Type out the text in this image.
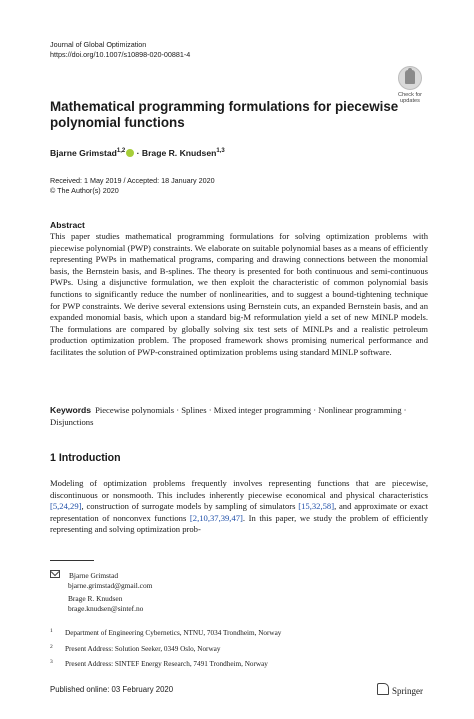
Journal of Global Optimization
https://doi.org/10.1007/s10898-020-00881-4
Check for
updates
Mathematical programming formulations for piecewise polynomial functions
Bjarne Grimstad$^{1,2}$ · Brage R. Knudsen$^{1,3}$
Received: 1 May 2019 / Accepted: 18 January 2020
© The Author(s) 2020
Abstract
This paper studies mathematical programming formulations for solving optimization problems with piecewise polynomial (PWP) constraints. We elaborate on suitable polynomial bases as a means of efficiently representing PWPs in mathematical programs, comparing and drawing connections between the monomial basis, the Bernstein basis, and B-splines. The theory is presented for both continuous and semi-continuous PWPs. Using a disjunctive formulation, we then exploit the characteristic of common polynomial basis functions to significantly reduce the number of nonlinearities, and to suggest a bound-tightening technique for PWP constraints. We derive several extensions using Bernstein cuts, an expanded Bernstein basis, and an expanded monomial basis, which upon a standard big-M reformulation yield a set of new MINLP models. The formulations are compared by globally solving six test sets of MINLPs and a realistic petroleum production optimization problem. The proposed framework shows promising numerical performance and facilitates the solution of PWP-constrained optimization problems using standard MINLP software.
Keywords Piecewise polynomials · Splines · Mixed integer programming · Nonlinear programming · Disjunctions
1 Introduction
Modeling of optimization problems frequently involves representing functions that are piecewise, discontinuous or nonsmooth. This includes inherently piecewise economical and physical characteristics [5,24,29], construction of surrogate models by sampling of simulators [15,32,58], and approximate or exact representation of nonconvex functions [2,10,37,39,47]. In this paper, we study the problem of efficiently representing and solving optimization prob-
Bjarne Grimstad
bjarne.grimstad@gmail.com
Brage R. Knudsen
brage.knudsen@sintef.no
$^1$ Department of Engineering Cybernetics, NTNU, 7034 Trondheim, Norway
$^2$ Present Address: Solution Seeker, 0349 Oslo, Norway
$^3$ Present Address: SINTEF Energy Research, 7491 Trondheim, Norway
Published online: 03 February 2020	Springer
